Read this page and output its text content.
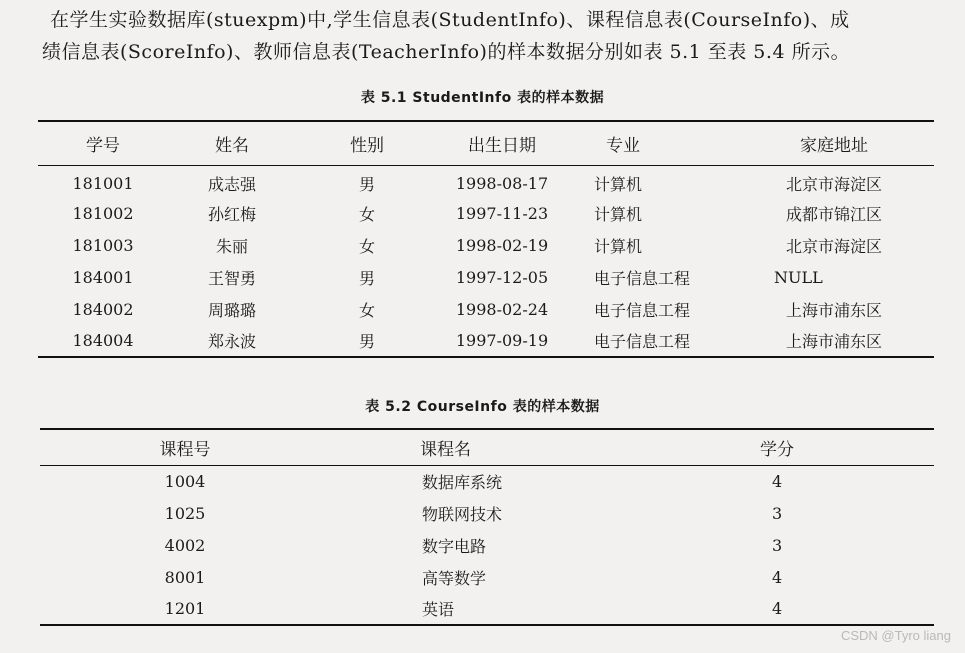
在学生实验数据库(stuexpm)中,学生信息表(StudentInfo)、课程信息表(CourseInfo)、成
绩信息表(ScoreInfo)、教师信息表(TeacherInfo)的样本数据分别如表 5.1 至表 5.4 所示。
表 5.1 StudentInfo 表的样本数据
学号	姓名	性别	出生日期	专业	家庭地址
181001	成志强	男	1998-08-17	计算机	北京市海淀区
181002	孙红梅	女	1997-11-23	计算机	成都市锦江区
181003	朱丽	女	1998-02-19	计算机	北京市海淀区
184001	王智勇	男	1997-12-05	电子信息工程	NULL
184002	周璐璐	女	1998-02-24	电子信息工程	上海市浦东区
184004	郑永波	男	1997-09-19	电子信息工程	上海市浦东区
表 5.2 CourseInfo 表的样本数据
课程号	课程名	学分
1004	数据库系统	4
1025	物联网技术	3
4002	数字电路	3
8001	高等数学	4
1201	英语	4
CSDN @Tyro liang
